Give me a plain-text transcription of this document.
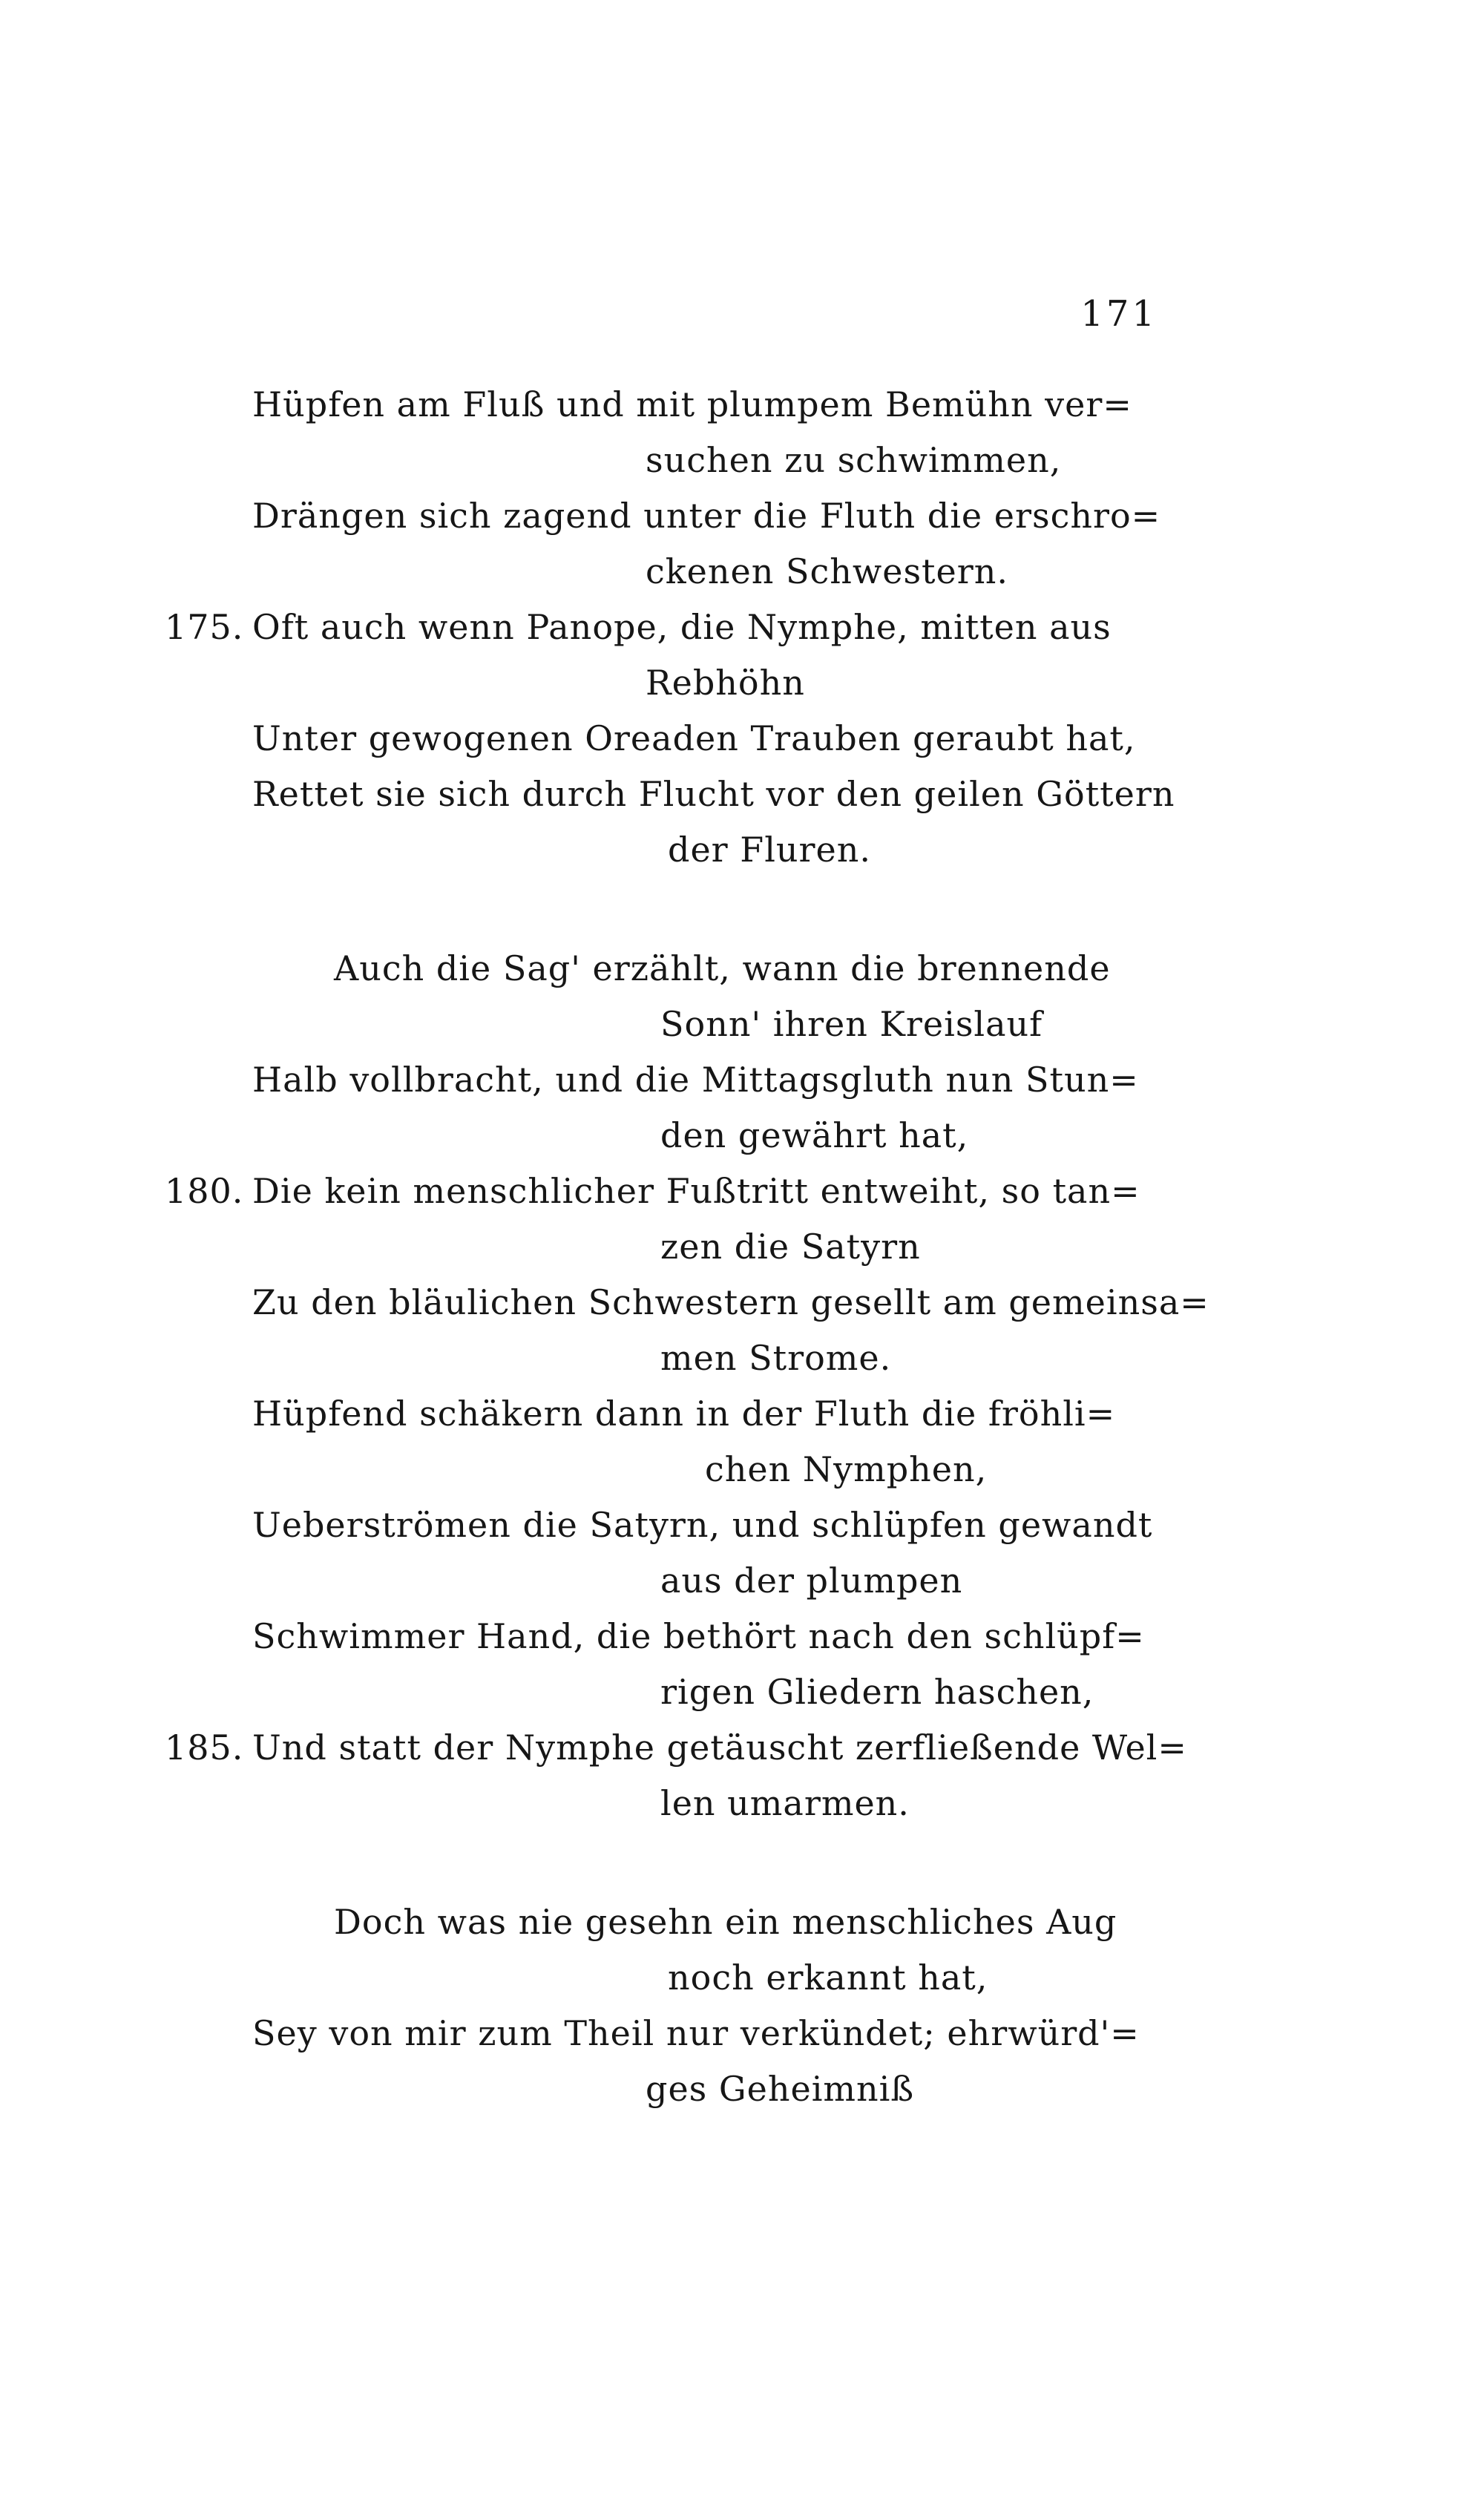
171
Hüpfen am Fluß und mit plumpem Bemühn ver=
suchen zu schwimmen,
Drängen sich zagend unter die Fluth die erschro=
ckenen Schwestern.
175. Oft auch wenn Panope, die Nymphe, mitten aus
Rebhöhn
Unter gewogenen Oreaden Trauben geraubt hat,
Rettet sie sich durch Flucht vor den geilen Göttern
der Fluren.
Auch die Sag' erzählt, wann die brennende
Sonn' ihren Kreislauf
Halb vollbracht, und die Mittagsgluth nun Stun=
den gewährt hat,
180. Die kein menschlicher Fußtritt entweiht, so tan=
zen die Satyrn
Zu den bläulichen Schwestern gesellt am gemeinsa=
men Strome.
Hüpfend schäkern dann in der Fluth die fröhli=
chen Nymphen,
Ueberströmen die Satyrn, und schlüpfen gewandt
aus der plumpen
Schwimmer Hand, die bethört nach den schlüpf=
rigen Gliedern haschen,
185. Und statt der Nymphe getäuscht zerfließende Wel=
len umarmen.
Doch was nie gesehn ein menschliches Aug
noch erkannt hat,
Sey von mir zum Theil nur verkündet; ehrwürd'=
ges Geheimniß
